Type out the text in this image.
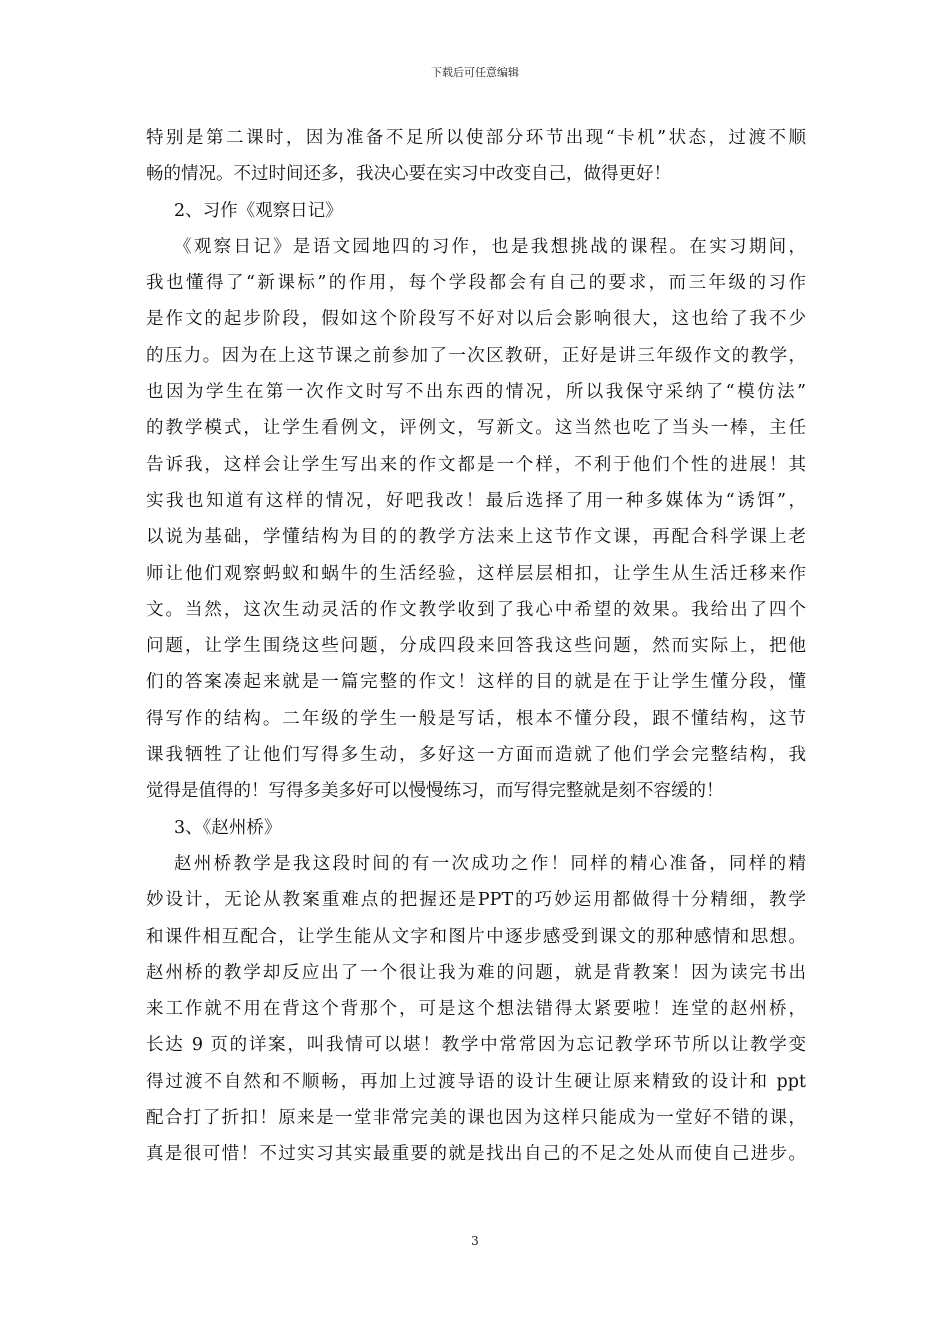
下载后可任意编辑
特别是第二课时，因为准备不足所以使部分环节出现“卡机”状态，过渡不顺
畅的情况。不过时间还多，我决心要在实习中改变自己，做得更好！
2、习作《观察日记》
《观察日记》是语文园地四的习作，也是我想挑战的课程。在实习期间，
我也懂得了“新课标”的作用，每个学段都会有自己的要求，而三年级的习作
是作文的起步阶段，假如这个阶段写不好对以后会影响很大，这也给了我不少
的压力。因为在上这节课之前参加了一次区教研，正好是讲三年级作文的教学，
也因为学生在第一次作文时写不出东西的情况，所以我保守采纳了“模仿法”
的教学模式，让学生看例文，评例文，写新文。这当然也吃了当头一棒，主任
告诉我，这样会让学生写出来的作文都是一个样，不利于他们个性的进展！其
实我也知道有这样的情况，好吧我改！最后选择了用一种多媒体为“诱饵”，
以说为基础，学懂结构为目的的教学方法来上这节作文课，再配合科学课上老
师让他们观察蚂蚁和蜗牛的生活经验，这样层层相扣，让学生从生活迁移来作
文。当然，这次生动灵活的作文教学收到了我心中希望的效果。我给出了四个
问题，让学生围绕这些问题，分成四段来回答我这些问题，然而实际上，把他
们的答案凑起来就是一篇完整的作文！这样的目的就是在于让学生懂分段，懂
得写作的结构。二年级的学生一般是写话，根本不懂分段，跟不懂结构，这节
课我牺牲了让他们写得多生动，多好这一方面而造就了他们学会完整结构，我
觉得是值得的！写得多美多好可以慢慢练习，而写得完整就是刻不容缓的！
3、《赵州桥》
赵州桥教学是我这段时间的有一次成功之作！同样的精心准备，同样的精
妙设计，无论从教案重难点的把握还是PPT的巧妙运用都做得十分精细，教学
和课件相互配合，让学生能从文字和图片中逐步感受到课文的那种感情和思想。
赵州桥的教学却反应出了一个很让我为难的问题，就是背教案！因为读完书出
来工作就不用在背这个背那个，可是这个想法错得太紧要啦！连堂的赵州桥，
长达 9 页的详案，叫我情可以堪！教学中常常因为忘记教学环节所以让教学变
得过渡不自然和不顺畅，再加上过渡导语的设计生硬让原来精致的设计和 ppt
配合打了折扣！原来是一堂非常完美的课也因为这样只能成为一堂好不错的课，
真是很可惜！不过实习其实最重要的就是找出自己的不足之处从而使自己进步。
3
